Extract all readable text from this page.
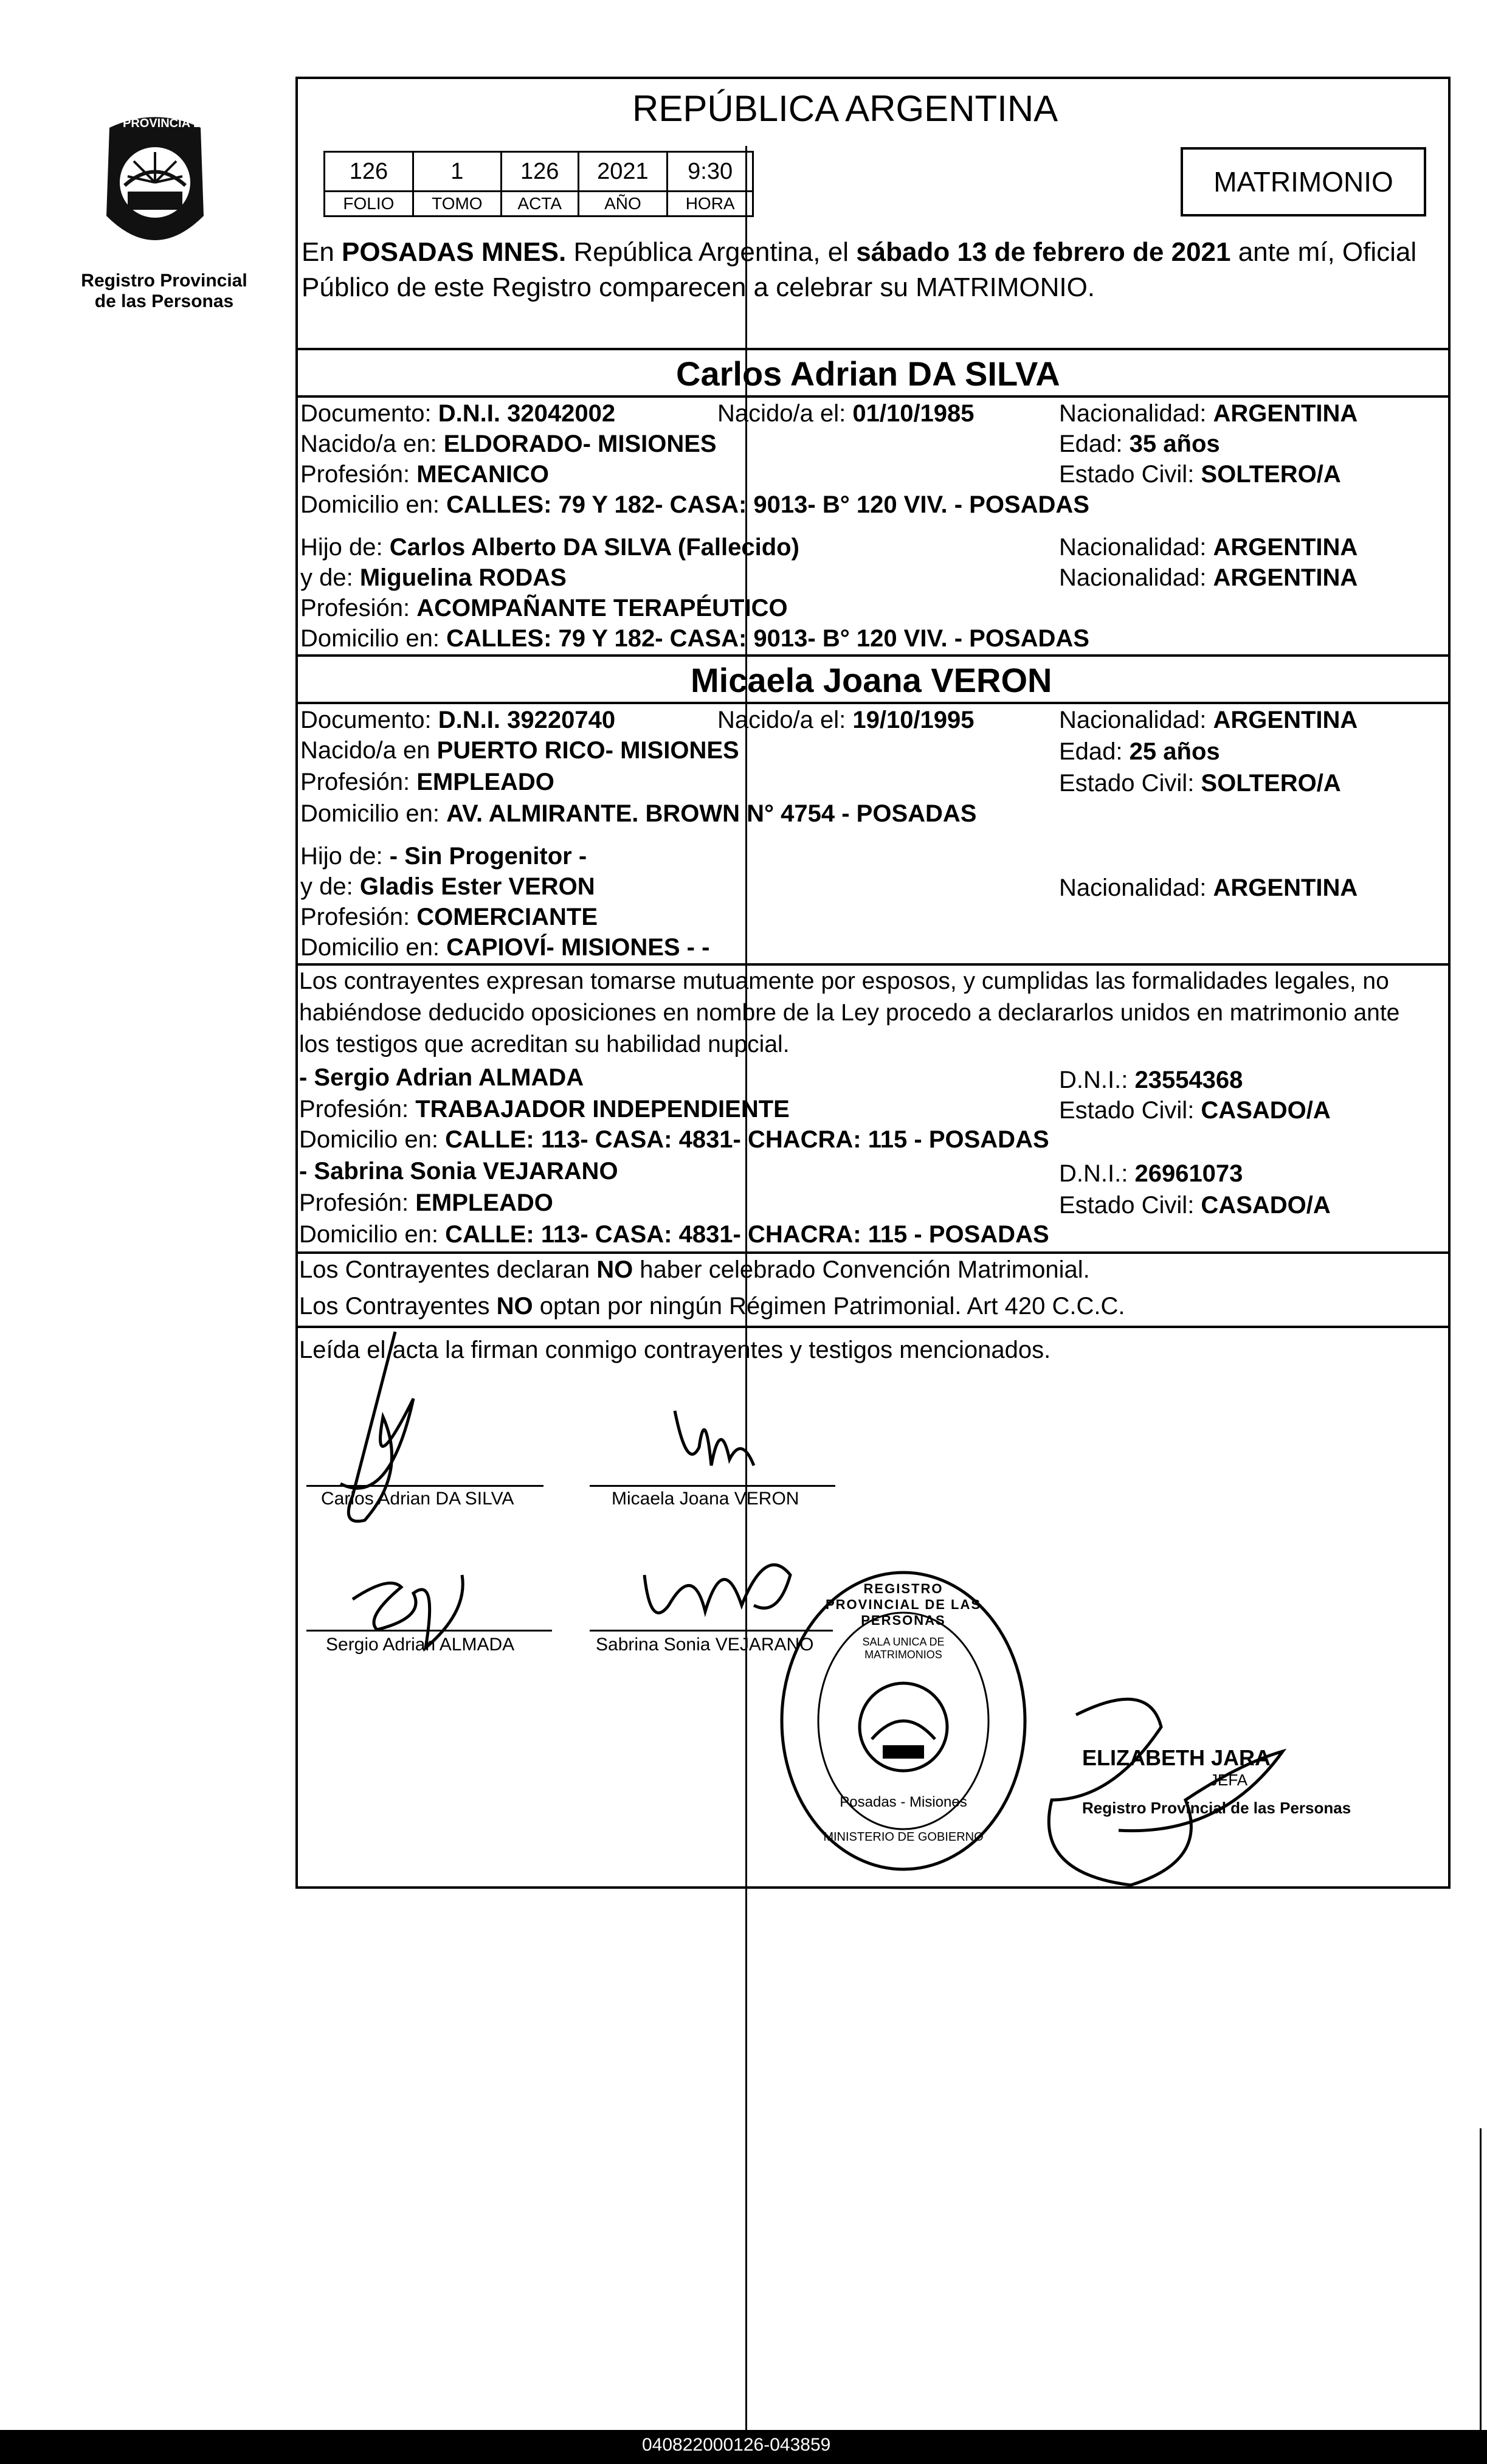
PROVINCIA DE
MISIONES
Registro Provincial
de las Personas
REPÚBLICA ARGENTINA
126	1	126	2021	9:30
FOLIO	TOMO	ACTA	AÑO	HORA
MATRIMONIO
En POSADAS MNES. República Argentina, el sábado 13 de febrero de 2021 ante mí, Oficial
Público de este Registro comparecen a celebrar su MATRIMONIO.
Carlos Adrian DA SILVA
Documento: D.N.I. 32042002	Nacido/a el: 01/10/1985	Nacionalidad: ARGENTINA
Nacido/a en: ELDORADO- MISIONES	Edad: 35 años
Profesión: MECANICO	Estado Civil: SOLTERO/A
Domicilio en: CALLES: 79 Y 182- CASA: 9013- B° 120 VIV. - POSADAS
Hijo de: Carlos Alberto DA SILVA (Fallecido)	Nacionalidad: ARGENTINA
y de: Miguelina RODAS	Nacionalidad: ARGENTINA
Profesión: ACOMPAÑANTE TERAPÉUTICO
Domicilio en: CALLES: 79 Y 182- CASA: 9013- B° 120 VIV. - POSADAS
Micaela Joana VERON
Documento: D.N.I. 39220740	Nacido/a el: 19/10/1995	Nacionalidad: ARGENTINA
Nacido/a en PUERTO RICO- MISIONES	Edad: 25 años
Profesión: EMPLEADO	Estado Civil: SOLTERO/A
Domicilio en: AV. ALMIRANTE. BROWN N° 4754 - POSADAS
Hijo de: - Sin Progenitor -
y de: Gladis Ester VERON	Nacionalidad: ARGENTINA
Profesión: COMERCIANTE
Domicilio en: CAPIOVÍ- MISIONES - -
Los contrayentes expresan tomarse mutuamente por esposos, y cumplidas las formalidades legales, no
habiéndose deducido oposiciones en nombre de la Ley procedo a declararlos unidos en matrimonio ante
los testigos que acreditan su habilidad nupcial.
- Sergio Adrian ALMADA	D.N.I.: 23554368
Profesión: TRABAJADOR INDEPENDIENTE	Estado Civil: CASADO/A
Domicilio en: CALLE: 113- CASA: 4831- CHACRA: 115 - POSADAS
- Sabrina Sonia VEJARANO	D.N.I.: 26961073
Profesión: EMPLEADO	Estado Civil: CASADO/A
Domicilio en: CALLE: 113- CASA: 4831- CHACRA: 115 - POSADAS
Los Contrayentes declaran NO haber celebrado Convención Matrimonial.
Los Contrayentes NO optan por ningún Régimen Patrimonial. Art 420 C.C.C.
Leída el acta la firman conmigo contrayentes y testigos mencionados.
Carlos Adrian DA SILVA	Micaela Joana VERON
Sergio Adrian ALMADA	Sabrina Sonia VEJARANO
REGISTRO PROVINCIAL DE LAS PERSONAS
SALA UNICA DE MATRIMONIOS
Posadas - Misiones
MINISTERIO DE GOBIERNO
ELIZABETH JARA
JEFA
Registro Provincial de las Personas
040822000126-043859
